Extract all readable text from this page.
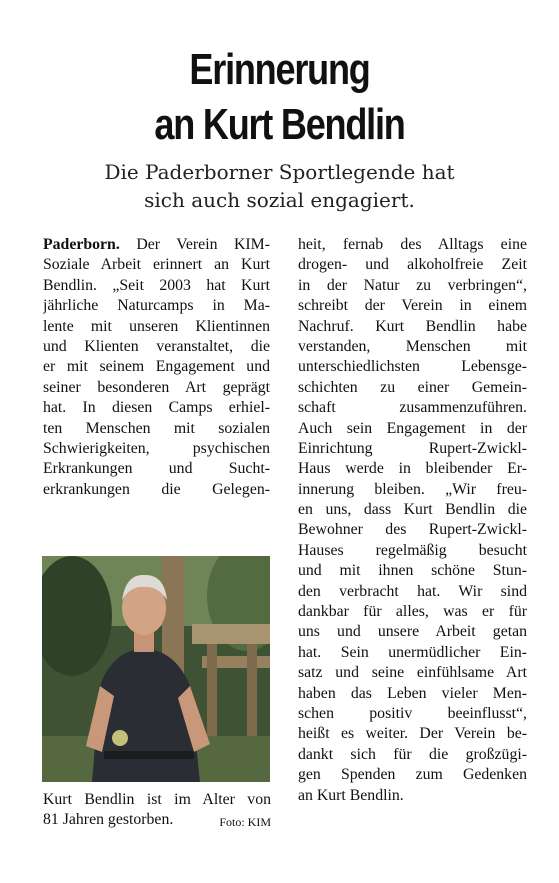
Erinnerung
an Kurt Bendlin
Die Paderborner Sportlegende hat
sich auch sozial engagiert.
Paderborn. Der Verein KIM-
Soziale Arbeit erinnert an Kurt
Bendlin. „Seit 2003 hat Kurt
jährliche Naturcamps in Ma-
lente mit unseren Klientinnen
und Klienten veranstaltet, die
er mit seinem Engagement und
seiner besonderen Art geprägt
hat. In diesen Camps erhiel-
ten Menschen mit sozialen
Schwierigkeiten, psychischen
Erkrankungen und Sucht-
erkrankungen die Gelegen-
Kurt Bendlin ist im Alter von
81 Jahren gestorben.	Foto: KIM
heit, fernab des Alltags eine
drogen- und alkoholfreie Zeit
in der Natur zu verbringen“,
schreibt der Verein in einem
Nachruf. Kurt Bendlin habe
verstanden, Menschen mit
unterschiedlichsten Lebensge-
schichten zu einer Gemein-
schaft zusammenzuführen.
Auch sein Engagement in der
Einrichtung Rupert-Zwickl-
Haus werde in bleibender Er-
innerung bleiben. „Wir freu-
en uns, dass Kurt Bendlin die
Bewohner des Rupert-Zwickl-
Hauses regelmäßig besucht
und mit ihnen schöne Stun-
den verbracht hat. Wir sind
dankbar für alles, was er für
uns und unsere Arbeit getan
hat. Sein unermüdlicher Ein-
satz und seine einfühlsame Art
haben das Leben vieler Men-
schen positiv beeinflusst“,
heißt es weiter. Der Verein be-
dankt sich für die großzügi-
gen Spenden zum Gedenken
an Kurt Bendlin.
